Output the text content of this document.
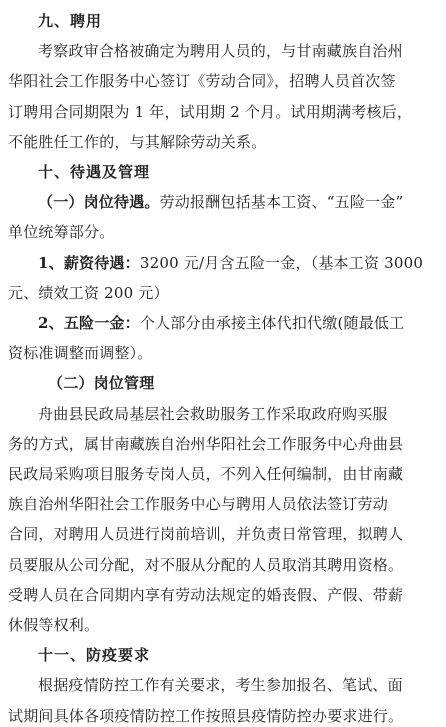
九、聘用
考察政审合格被确定为聘用人员的，与甘南藏族自治州
华阳社会工作服务中心签订《劳动合同》，招聘人员首次签
订聘用合同期限为 1 年，试用期 2 个月。试用期满考核后，
不能胜任工作的，与其解除劳动关系。
十、待遇及管理
（一）岗位待遇。劳动报酬包括基本工资、“五险一金”
单位统筹部分。
1、薪资待遇：3200 元/月含五险一金，（基本工资 3000
元、绩效工资 200 元）
2、五险一金：个人部分由承接主体代扣代缴(随最低工
资标准调整而调整）。
（二）岗位管理
舟曲县民政局基层社会救助服务工作采取政府购买服
务的方式，属甘南藏族自治州华阳社会工作服务中心舟曲县
民政局采购项目服务专岗人员，不列入任何编制，由甘南藏
族自治州华阳社会工作服务中心与聘用人员依法签订劳动
合同，对聘用人员进行岗前培训，并负责日常管理，拟聘人
员要服从公司分配，对不服从分配的人员取消其聘用资格。
受聘人员在合同期内享有劳动法规定的婚丧假、产假、带薪
休假等权利。
十一、防疫要求
根据疫情防控工作有关要求，考生参加报名、笔试、面
试期间具体各项疫情防控工作按照县疫情防控办要求进行。
